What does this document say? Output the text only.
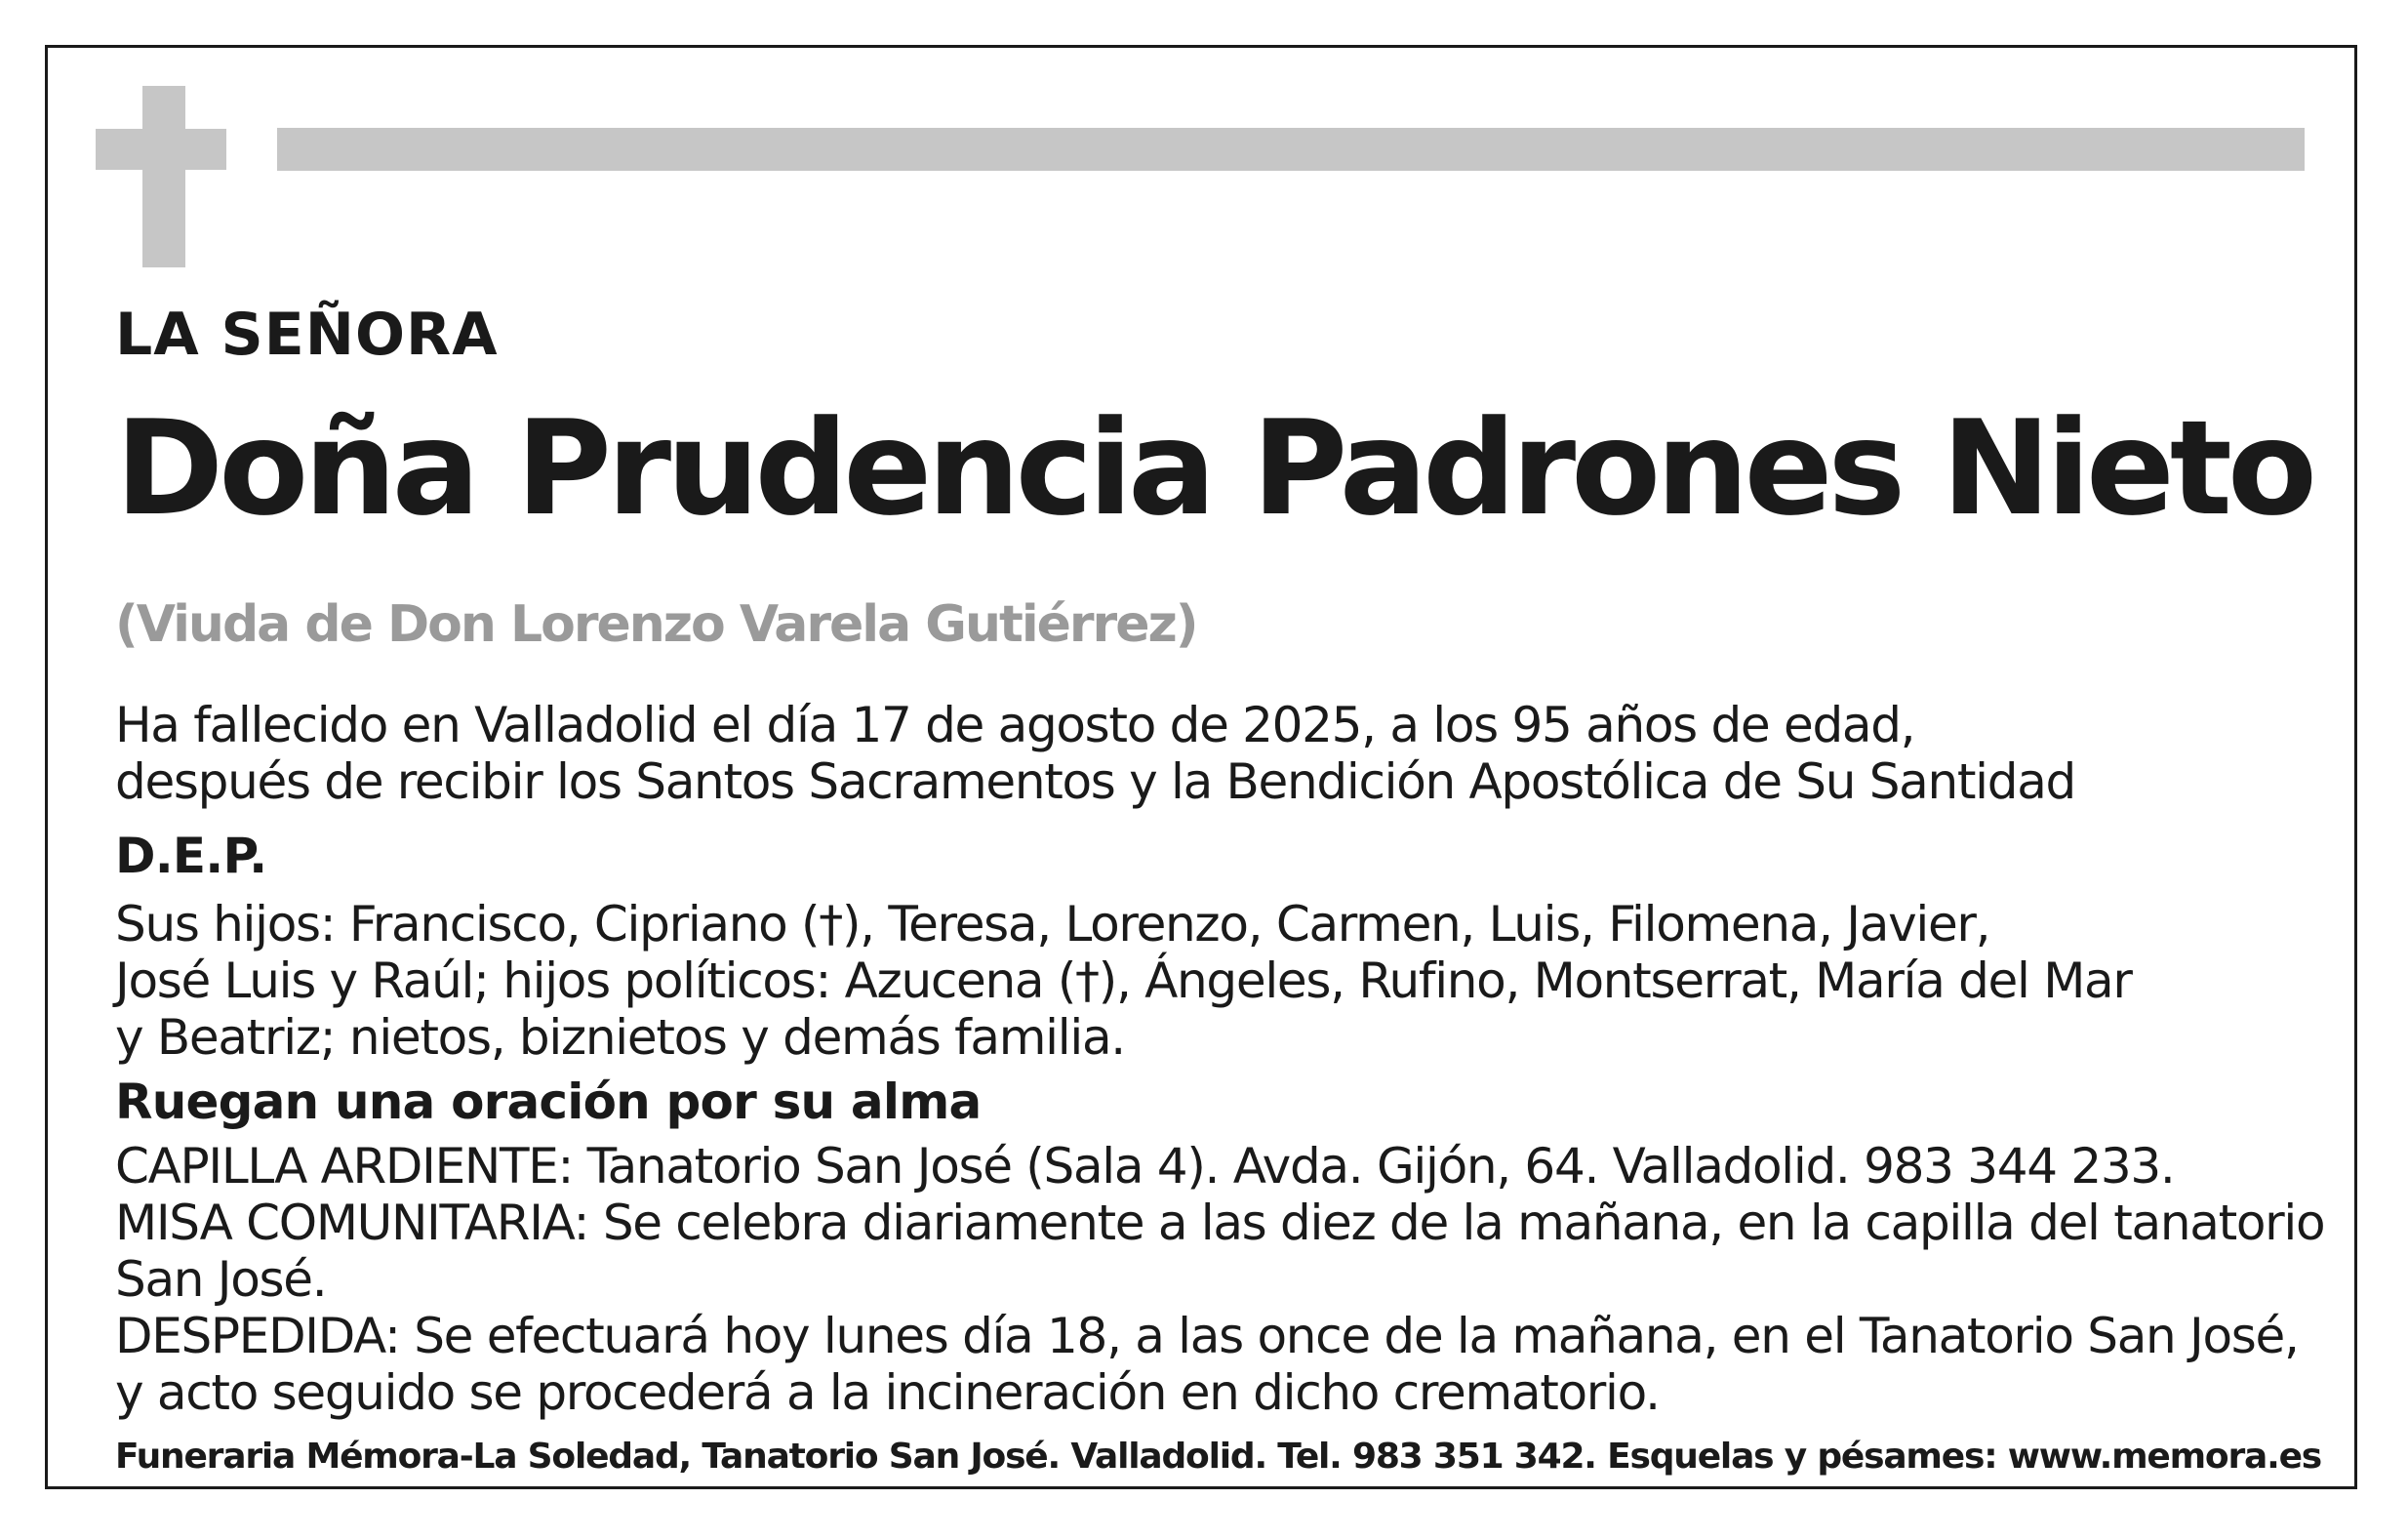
LA SEÑORA
Doña Prudencia Padrones Nieto
(Viuda de Don Lorenzo Varela Gutiérrez)
Ha fallecido en Valladolid el día 17 de agosto de 2025, a los 95 años de edad,
después de recibir los Santos Sacramentos y la Bendición Apostólica de Su Santidad
D.E.P.
Sus hijos: Francisco, Cipriano (†), Teresa, Lorenzo, Carmen, Luis, Filomena, Javier,
José Luis y Raúl; hijos políticos: Azucena (†), Ángeles, Rufino, Montserrat, María del Mar
y Beatriz; nietos, biznietos y demás familia.
Ruegan una oración por su alma
CAPILLA ARDIENTE: Tanatorio San José (Sala 4). Avda. Gijón, 64. Valladolid. 983 344 233.
MISA COMUNITARIA: Se celebra diariamente a las diez de la mañana, en la capilla del tanatorio
San José.
DESPEDIDA: Se efectuará hoy lunes día 18, a las once de la mañana, en el Tanatorio San José,
y acto seguido se procederá a la incineración en dicho crematorio.
Funeraria Mémora-La Soledad, Tanatorio San José. Valladolid. Tel. 983 351 342. Esquelas y pésames: www.memora.es
